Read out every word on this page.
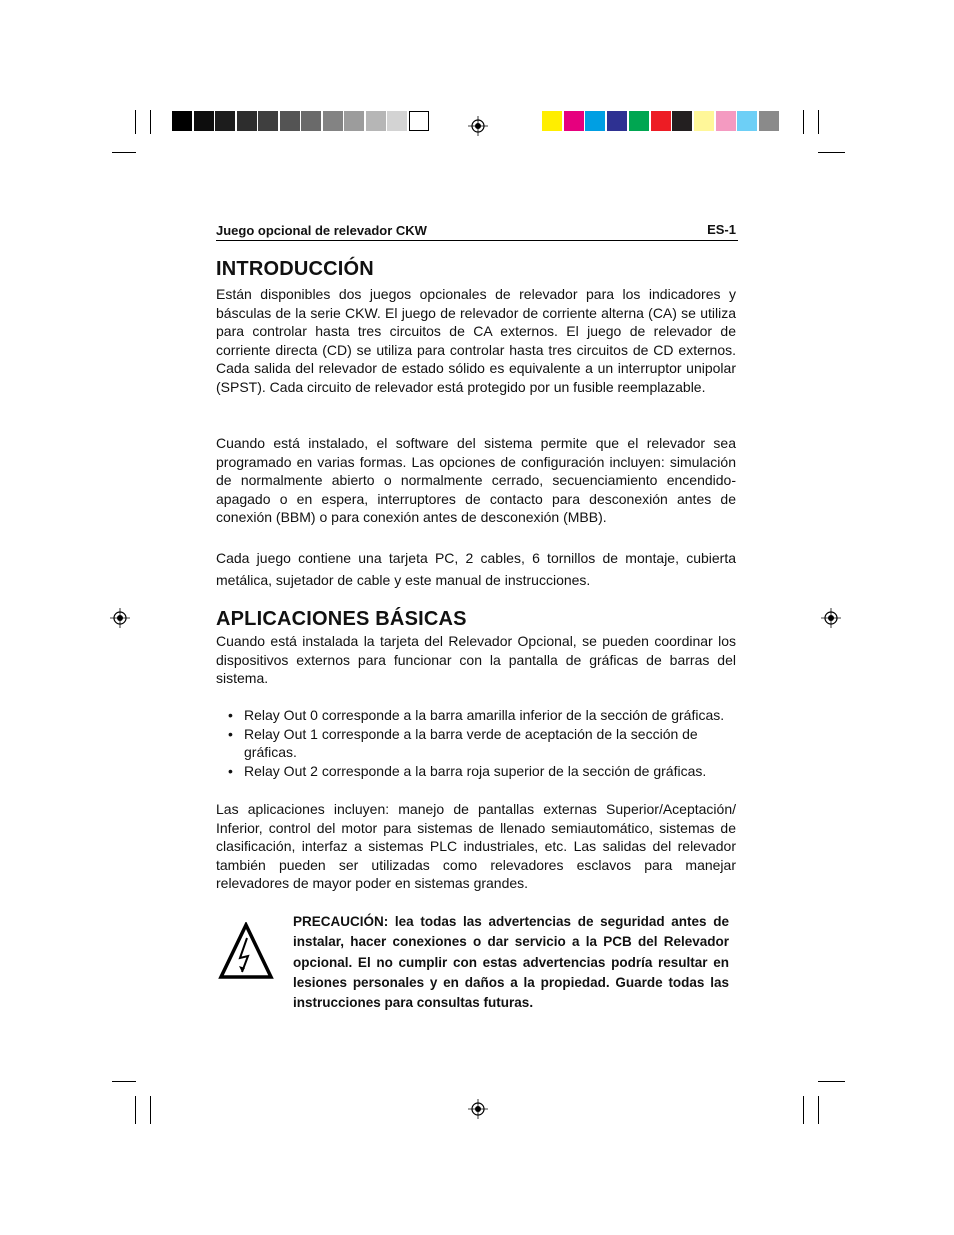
Juego opcional de relevador CKW	ES-1
INTRODUCCIÓN

Están disponibles dos juegos opcionales de relevador para los indicadores y básculas de la serie CKW. El juego de relevador de corriente alterna (CA) se utiliza para controlar hasta tres circuitos de CA externos. El juego de relevador de corriente directa (CD) se utiliza para controlar hasta tres circuitos de CD externos. Cada salida del relevador de estado sólido es equivalente a un interruptor unipolar (SPST). Cada circuito de relevador está protegido por un fusible reemplazable.

Cuando está instalado, el software del sistema permite que el relevador sea programado en varias formas. Las opciones de configuración incluyen: simulación de normalmente abierto o normalmente cerrado, secuenciamiento encendido-apagado o en espera, interruptores de contacto para desconexión antes de conexión (BBM) o para conexión antes de desconexión (MBB).

Cada juego contiene una tarjeta PC, 2 cables, 6 tornillos de montaje, cubierta metálica, sujetador de cable y este manual de instrucciones.

APLICACIONES BÁSICAS

Cuando está instalada la tarjeta del Relevador Opcional, se pueden coordinar los dispositivos externos para funcionar con la pantalla de gráficas de barras del sistema.

• Relay Out 0 corresponde a la barra amarilla inferior de la sección de gráficas.
• Relay Out 1 corresponde a la barra verde de aceptación de la sección de gráficas.
• Relay Out 2 corresponde a la barra roja superior de la sección de gráficas.

Las aplicaciones incluyen: manejo de pantallas externas Superior/Aceptación/ Inferior, control del motor para sistemas de llenado semiautomático, sistemas de clasificación, interfaz a sistemas PLC industriales, etc. Las salidas del relevador también pueden ser utilizadas como relevadores esclavos para manejar relevadores de mayor poder en sistemas grandes.

PRECAUCIÓN: lea todas las advertencias de seguridad antes de instalar, hacer conexiones o dar servicio a la PCB del Relevador opcional. El no cumplir con estas advertencias podría resultar en lesiones personales y en daños a la propiedad. Guarde todas las instrucciones para consultas futuras.
